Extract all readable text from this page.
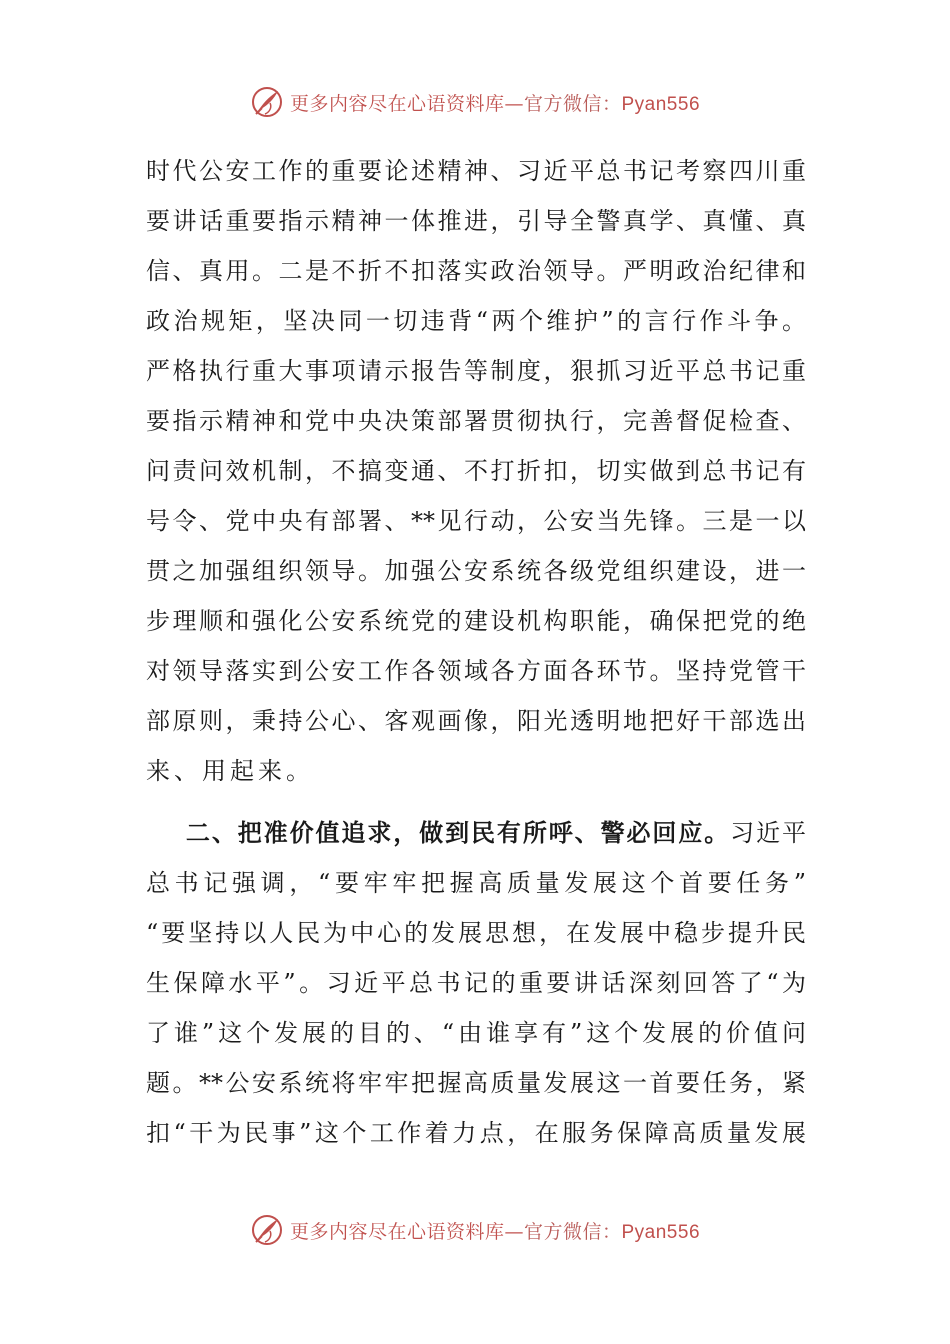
更多内容尽在心语资料库—官方微信：Pyan556
时代公安工作的重要论述精神、习近平总书记考察四川重
要讲话重要指示精神一体推进，引导全警真学、真懂、真
信、真用。二是不折不扣落实政治领导。严明政治纪律和
政治规矩，坚决同一切违背“两个维护”的言行作斗争。
严格执行重大事项请示报告等制度，狠抓习近平总书记重
要指示精神和党中央决策部署贯彻执行，完善督促检查、
问责问效机制，不搞变通、不打折扣，切实做到总书记有
号令、党中央有部署、**见行动，公安当先锋。三是一以
贯之加强组织领导。加强公安系统各级党组织建设，进一
步理顺和强化公安系统党的建设机构职能，确保把党的绝
对领导落实到公安工作各领域各方面各环节。坚持党管干
部原则，秉持公心、客观画像，阳光透明地把好干部选出
来、用起来。
二、把准价值追求，做到民有所呼、警必回应。习近平
总书记强调，“要牢牢把握高质量发展这个首要任务”
“要坚持以人民为中心的发展思想，在发展中稳步提升民
生保障水平”。习近平总书记的重要讲话深刻回答了“为
了谁”这个发展的目的、“由谁享有”这个发展的价值问
题。**公安系统将牢牢把握高质量发展这一首要任务，紧
扣“干为民事”这个工作着力点，在服务保障高质量发展
更多内容尽在心语资料库—官方微信：Pyan556
